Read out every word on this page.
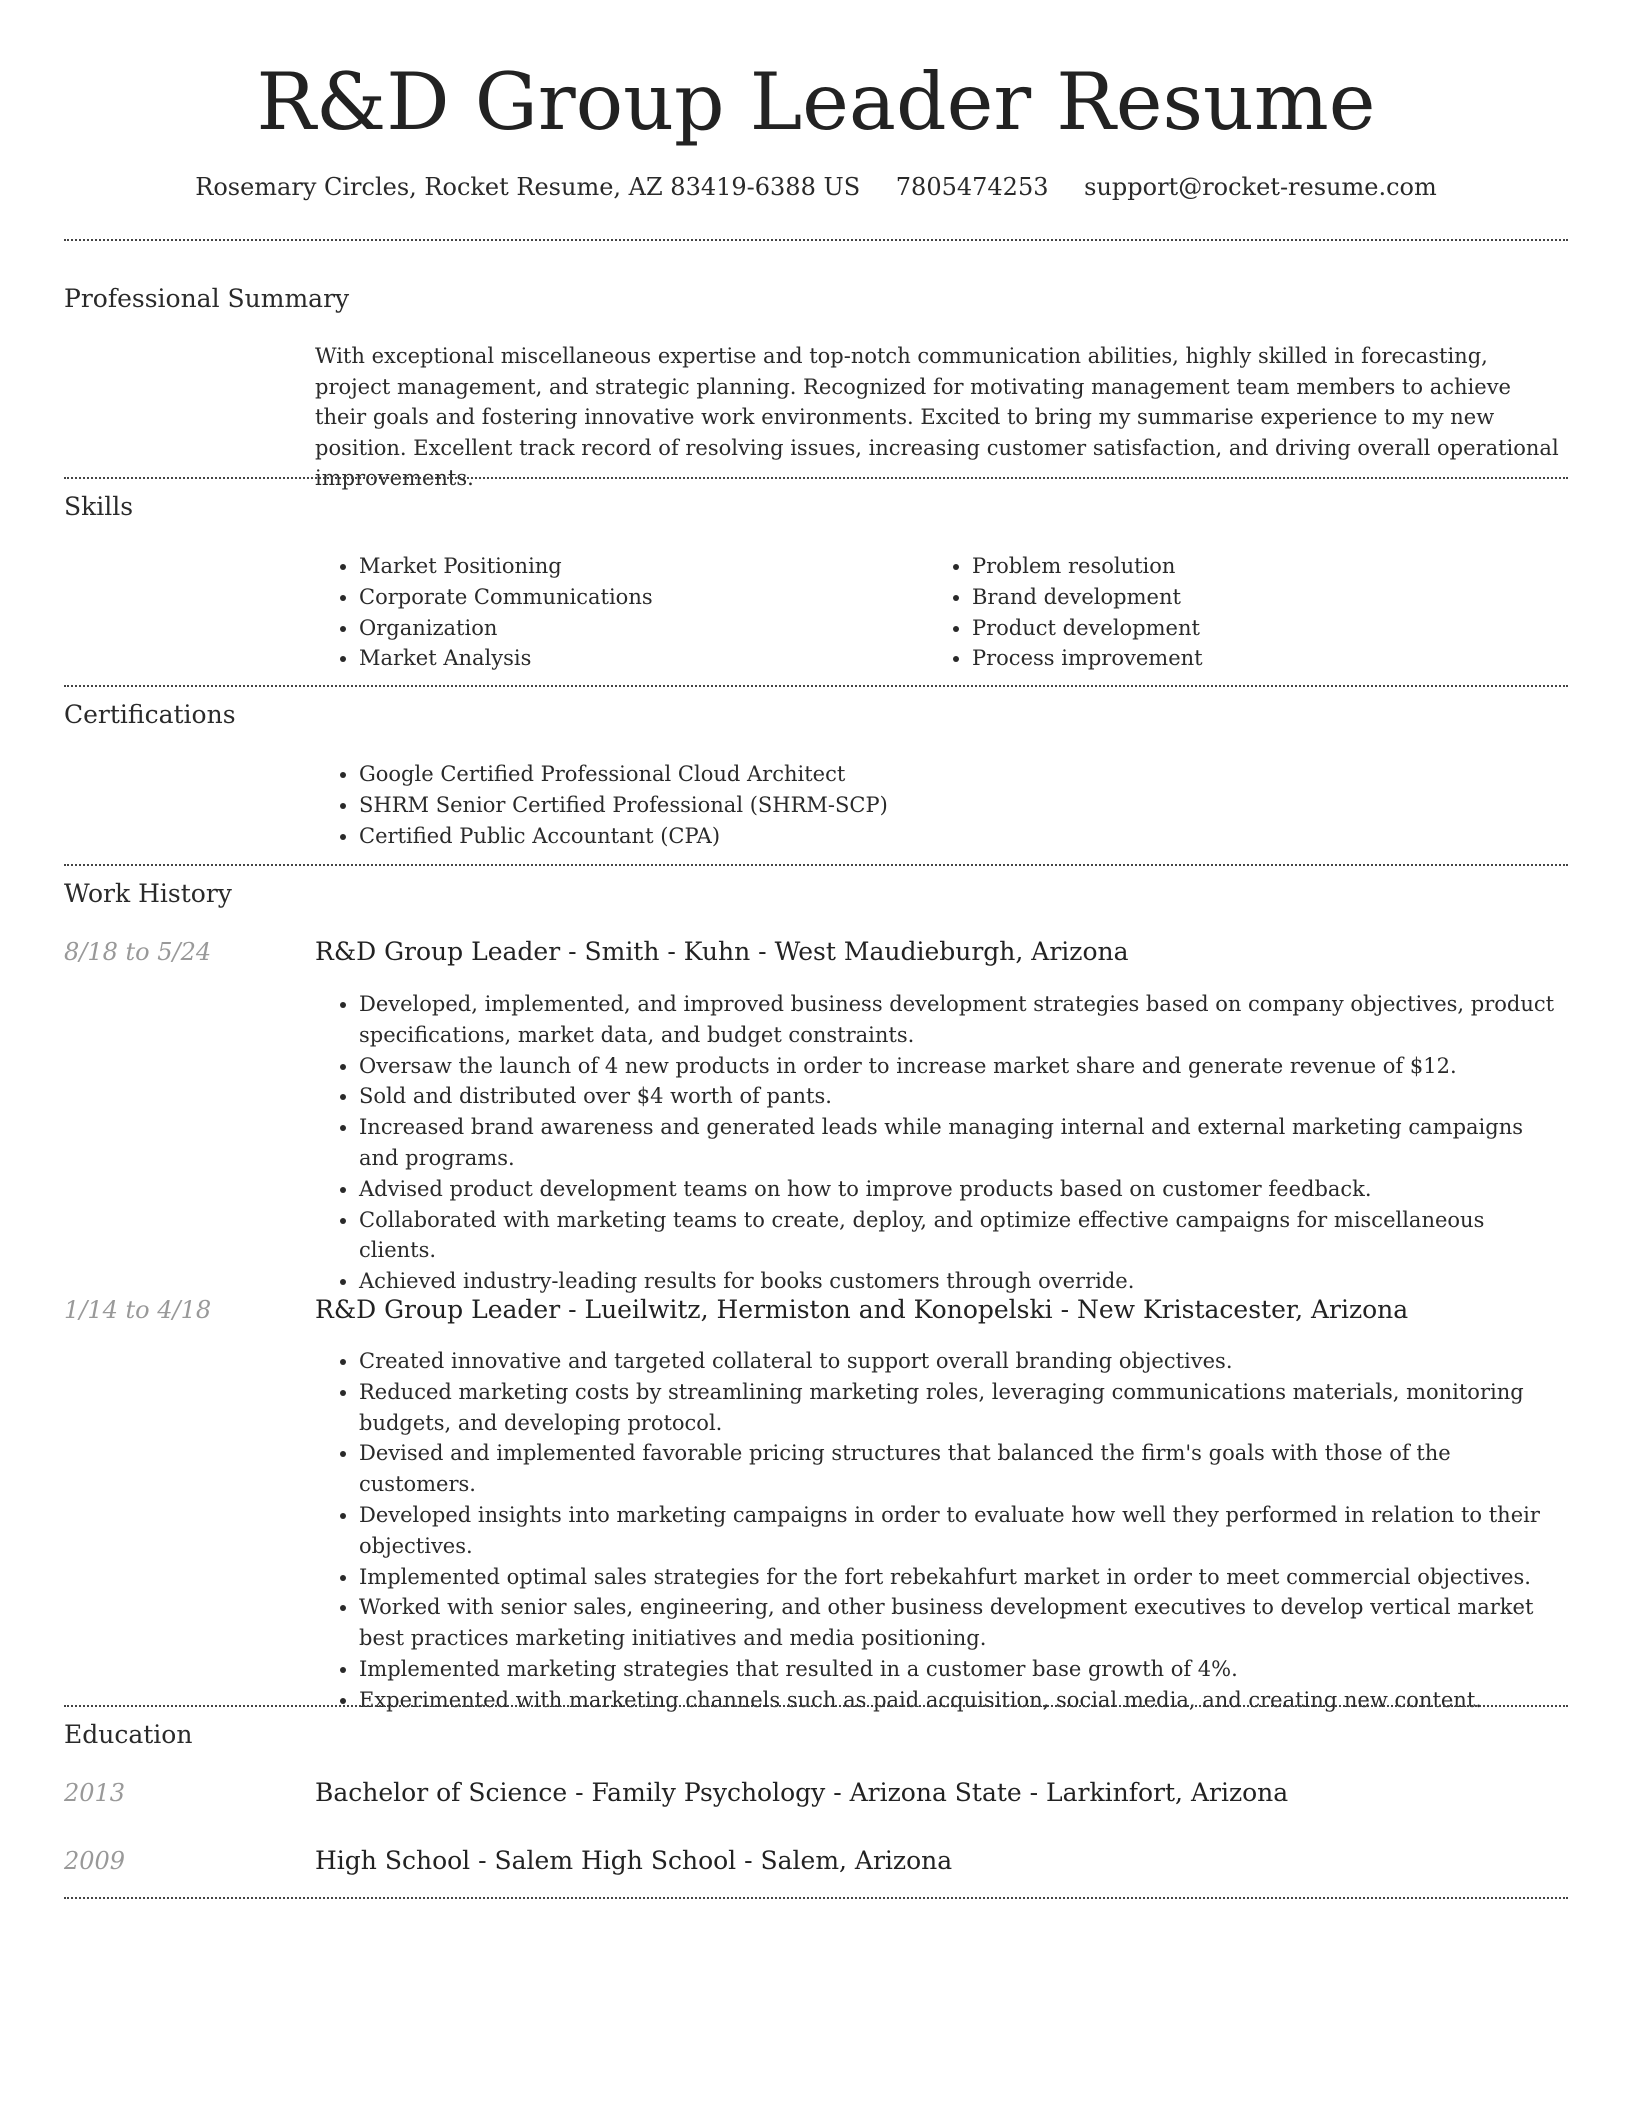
R&D Group Leader Resume
Rosemary Circles, Rocket Resume, AZ 83419-6388 US 7805474253 support@rocket-resume.com
Professional Summary
With exceptional miscellaneous expertise and top-notch communication abilities, highly skilled in forecasting, project management, and strategic planning. Recognized for motivating management team members to achieve their goals and fostering innovative work environments. Excited to bring my summarise experience to my new position. Excellent track record of resolving issues, increasing customer satisfaction, and driving overall operational improvements.
Skills
• Market Positioning
• Corporate Communications
• Organization
• Market Analysis
• Problem resolution
• Brand development
• Product development
• Process improvement
Certifications
• Google Certified Professional Cloud Architect
• SHRM Senior Certified Professional (SHRM-SCP)
• Certified Public Accountant (CPA)
Work History
8/18 to 5/24	R&D Group Leader - Smith - Kuhn - West Maudieburgh, Arizona
• Developed, implemented, and improved business development strategies based on company objectives, product specifications, market data, and budget constraints.
• Oversaw the launch of 4 new products in order to increase market share and generate revenue of $12.
• Sold and distributed over $4 worth of pants.
• Increased brand awareness and generated leads while managing internal and external marketing campaigns and programs.
• Advised product development teams on how to improve products based on customer feedback.
• Collaborated with marketing teams to create, deploy, and optimize effective campaigns for miscellaneous clients.
• Achieved industry-leading results for books customers through override.
1/14 to 4/18	R&D Group Leader - Lueilwitz, Hermiston and Konopelski - New Kristacester, Arizona
• Created innovative and targeted collateral to support overall branding objectives.
• Reduced marketing costs by streamlining marketing roles, leveraging communications materials, monitoring budgets, and developing protocol.
• Devised and implemented favorable pricing structures that balanced the firm's goals with those of the customers.
• Developed insights into marketing campaigns in order to evaluate how well they performed in relation to their objectives.
• Implemented optimal sales strategies for the fort rebekahfurt market in order to meet commercial objectives.
• Worked with senior sales, engineering, and other business development executives to develop vertical market best practices marketing initiatives and media positioning.
• Implemented marketing strategies that resulted in a customer base growth of 4%.
• Experimented with marketing channels such as paid acquisition, social media, and creating new content.
Education
2013	Bachelor of Science - Family Psychology - Arizona State - Larkinfort, Arizona
2009	High School - Salem High School - Salem, Arizona
